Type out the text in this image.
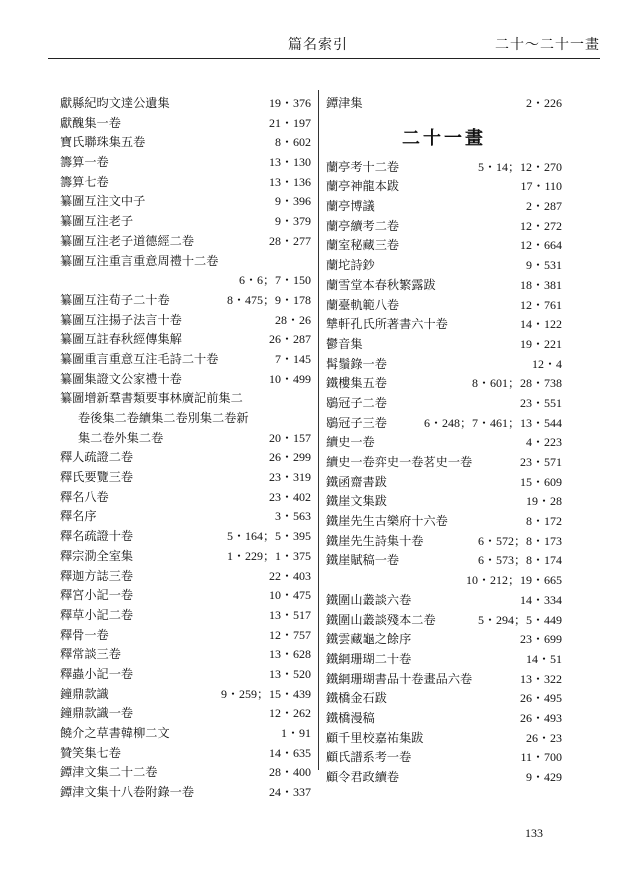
篇名索引	二十～二十一畫
獻縣紀昀文達公遺集	19・376
獻醜集一卷	21・197
寶氏聯珠集五卷	8・602
籌算一卷	13・130
籌算七卷	13・136
纂圖互注文中子	9・396
纂圖互注老子	9・379
纂圖互注老子道德經二卷	28・277
纂圖互注重言重意周禮十二卷
6・6；7・150
纂圖互注荀子二十卷	8・475；9・178
纂圖互注揚子法言十卷	28・26
纂圖互註春秋經傳集解	26・287
纂圖重言重意互注毛詩二十卷	7・145
纂圖集證文公家禮十卷	10・499
纂圖增新羣書類要事林廣記前集二
卷後集二卷續集二卷別集二卷新
集二卷外集二卷	20・157
釋人疏證二卷	26・299
釋氏要覽三卷	23・319
釋名八卷	23・402
釋名序	3・563
釋名疏證十卷	5・164；5・395
釋宗泐全室集	1・229；1・375
釋迦方誌三卷	22・403
釋宮小記一卷	10・475
釋草小記二卷	13・517
釋骨一卷	12・757
釋常談三卷	13・628
釋蟲小記一卷	13・520
鐘鼎款識	9・259；15・439
鐘鼎款識一卷	12・262
饒介之草書韓柳二文	1・91
贊笑集七卷	14・635
鐔津文集二十二卷	28・400
鐔津文集十八卷附錄一卷	24・337
鐔津集	2・226
二十一畫
蘭亭考十二卷	5・14；12・270
蘭亭神龍本跋	17・110
蘭亭博議	2・287
蘭亭續考二卷	12・272
蘭室秘藏三卷	12・664
蘭坨詩鈔	9・531
蘭雪堂本春秋繁露跋	18・381
蘭臺軌範八卷	12・761
犨軒孔氏所著書六十卷	14・122
鬱音集	19・221
髯鬚錄一卷	12・4
鐵樓集五卷	8・601；28・738
鶡冠子二卷	23・551
鶡冠子三卷	6・248；7・461；13・544
續史一卷	4・223
續史一卷弈史一卷茗史一卷	23・571
鐵函齋書跋	15・609
鐵崖文集跋	19・28
鐵崖先生古樂府十六卷	8・172
鐵崖先生詩集十卷	6・572；8・173
鐵崖賦稿一卷	6・573；8・174
10・212；19・665
鐵圍山叢談六卷	14・334
鐵圍山叢談殘本二卷	5・294；5・449
鐵雲藏龜之餘序	23・699
鐵網珊瑚二十卷	14・51
鐵網珊瑚書品十卷畫品六卷	13・322
鐵橋金石跋	26・495
鐵橋漫稿	26・493
顧千里校嘉祐集跋	26・23
顧氏譜系考一卷	11・700
顧令君政續卷	9・429
133
